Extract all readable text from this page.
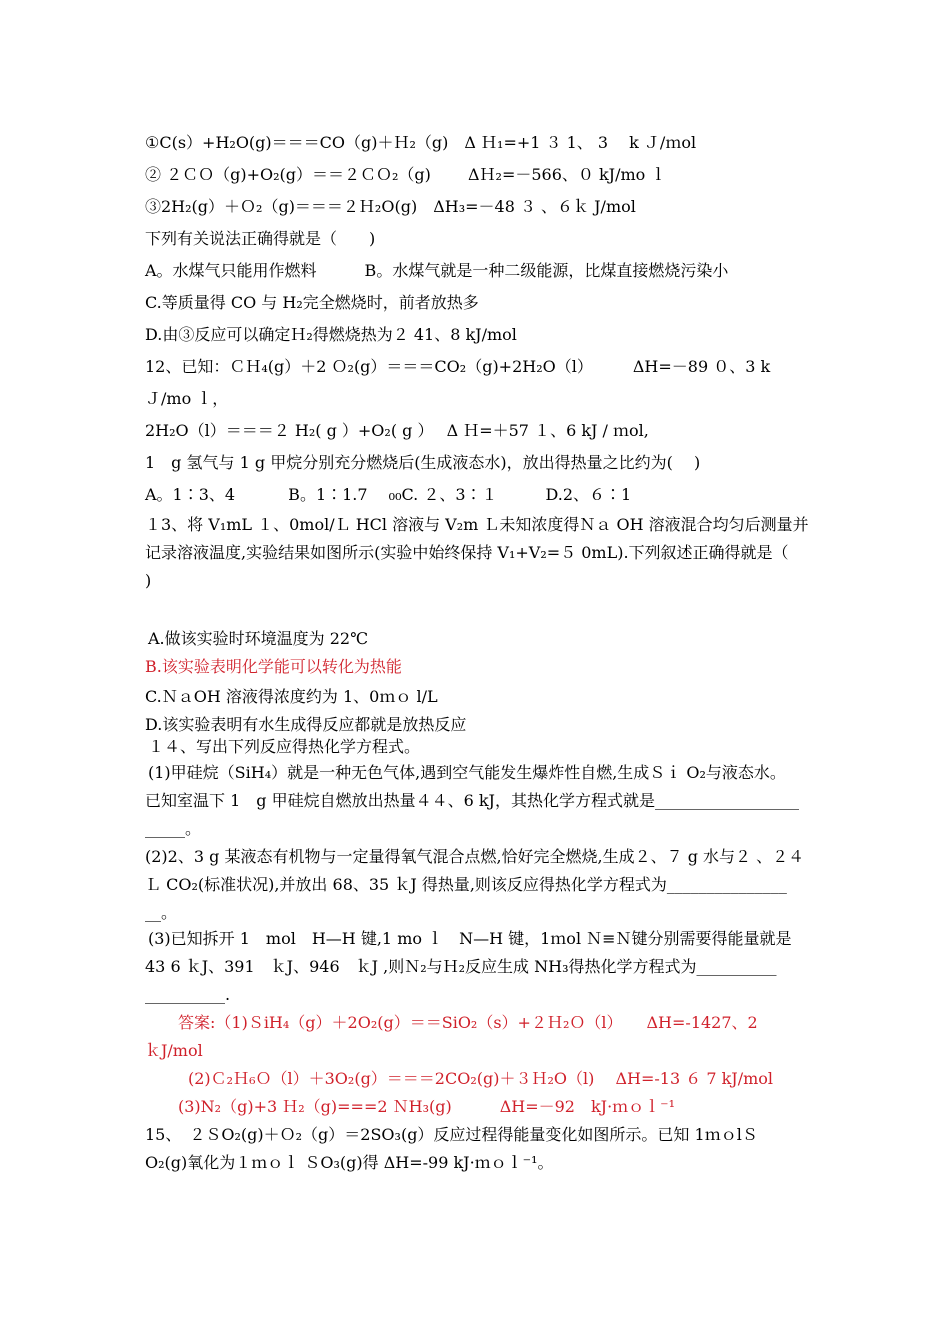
①C(s）+H₂O(g)＝＝＝CO（g)＋Ｈ₂（g)　Δ Ｈ₁=+1 ３ 1、 3　 k Ｊ/ｍol
② ２ＣＯ（g)+O₂(g）＝＝２ＣＯ₂（g)　　 ΔＨ₂=－566、０ kJ/mo ｌ
③2H₂(g）＋Ｏ₂（g)＝＝＝２Ｈ₂O(g)　ΔH₃=－48 ３ 、６ｋ J/mol
下列有关说法正确得就是（　　)
A。水煤气只能用作燃料　　　B。水煤气就是一种二级能源，比煤直接燃烧污染小
C.等质量得 CO 与 H₂完全燃烧时，前者放热多
D.由③反应可以确定Ｈ₂得燃烧热为２ 41、8 kJ/mol
12、已知：ＣＨ₄(g）＋2 Ｏ₂(g）＝＝＝CO₂（g)+2H₂O（l）　　　ΔH=－89 ０、3 k
Ｊ/mo ｌ，
2H₂O（l）＝＝＝２ H₂( g ）+O₂( g ）　 Δ Ｈ=＋57 １、6 kJ / ｍol,
1　g 氢气与 1 g 甲烷分别充分燃烧后(生成液态水)，放出得热量之比约为(　 )
A。1∶3、4　　　 B。1∶1.7　 ₀₀C. ２、3∶１　　　D.2、６∶1
１3、将 V₁mL １、0mol/Ｌ HCl 溶液与 V₂m Ｌ未知浓度得Ｎａ OH 溶液混合均匀后测量并
记录溶液温度,实验结果如图所示(实验中始终保持 V₁+V₂=５ 0mL).下列叙述正确得就是（
)
A.做该实验时环境温度为 22℃
B.该实验表明化学能可以转化为热能
C.ＮａOH 溶液得浓度约为 1、0ｍｏ l/L
D.该实验表明有水生成得反应都就是放热反应
１４、写出下列反应得热化学方程式。
(1)甲硅烷（SiH₄）就是一种无色气体,遇到空气能发生爆炸性自燃,生成Ｓｉ O₂与液态水。
已知室温下 1　g 甲硅烷自燃放出热量４４、6 kJ，其热化学方程式就是__________________
_____。
(2)2、3 g 某液态有机物与一定量得氧气混合点燃,恰好完全燃烧,生成２、７ g 水与２ 、２４
Ｌ CO₂(标准状况),并放出 68、35 ｋJ 得热量,则该反应得热化学方程式为_______________
__。
(3)已知拆开 1　mol　H—H 键,1 mo ｌ　N—H 键，1ｍol Ｎ≡Ｎ键分别需要得能量就是
43 6 ｋJ、391　ｋJ、946　ｋJ ,则Ｎ₂与Ｈ₂反应生成 NH₃得热化学方程式为__________
__________.
答案:（1)ＳiH₄（g）＋2O₂(g）＝＝SiO₂（s）+２Ｈ₂Ｏ（l）　　ΔH=-1427、2
ｋJ/mol
(2)Ｃ₂Ｈ₆Ｏ（l）＋3O₂(g）＝＝＝2CO₂(g)＋３Ｈ₂O（l)　 ΔH=-13 ６ 7 kJ/mol
(3)N₂（g)+3 Ｈ₂（g)===2 ＮH₃(g)　　　ΔH=－92　kJ·ｍｏｌ⁻¹
15、　２ＳO₂(g)＋Ｏ₂（g）＝2SO₃(g）反应过程得能量变化如图所示。已知 1ｍｏlＳ
O₂(g)氧化为１ｍｏｌ ＳO₃(g)得 ΔH=-99 kJ·ｍｏｌ⁻¹。
